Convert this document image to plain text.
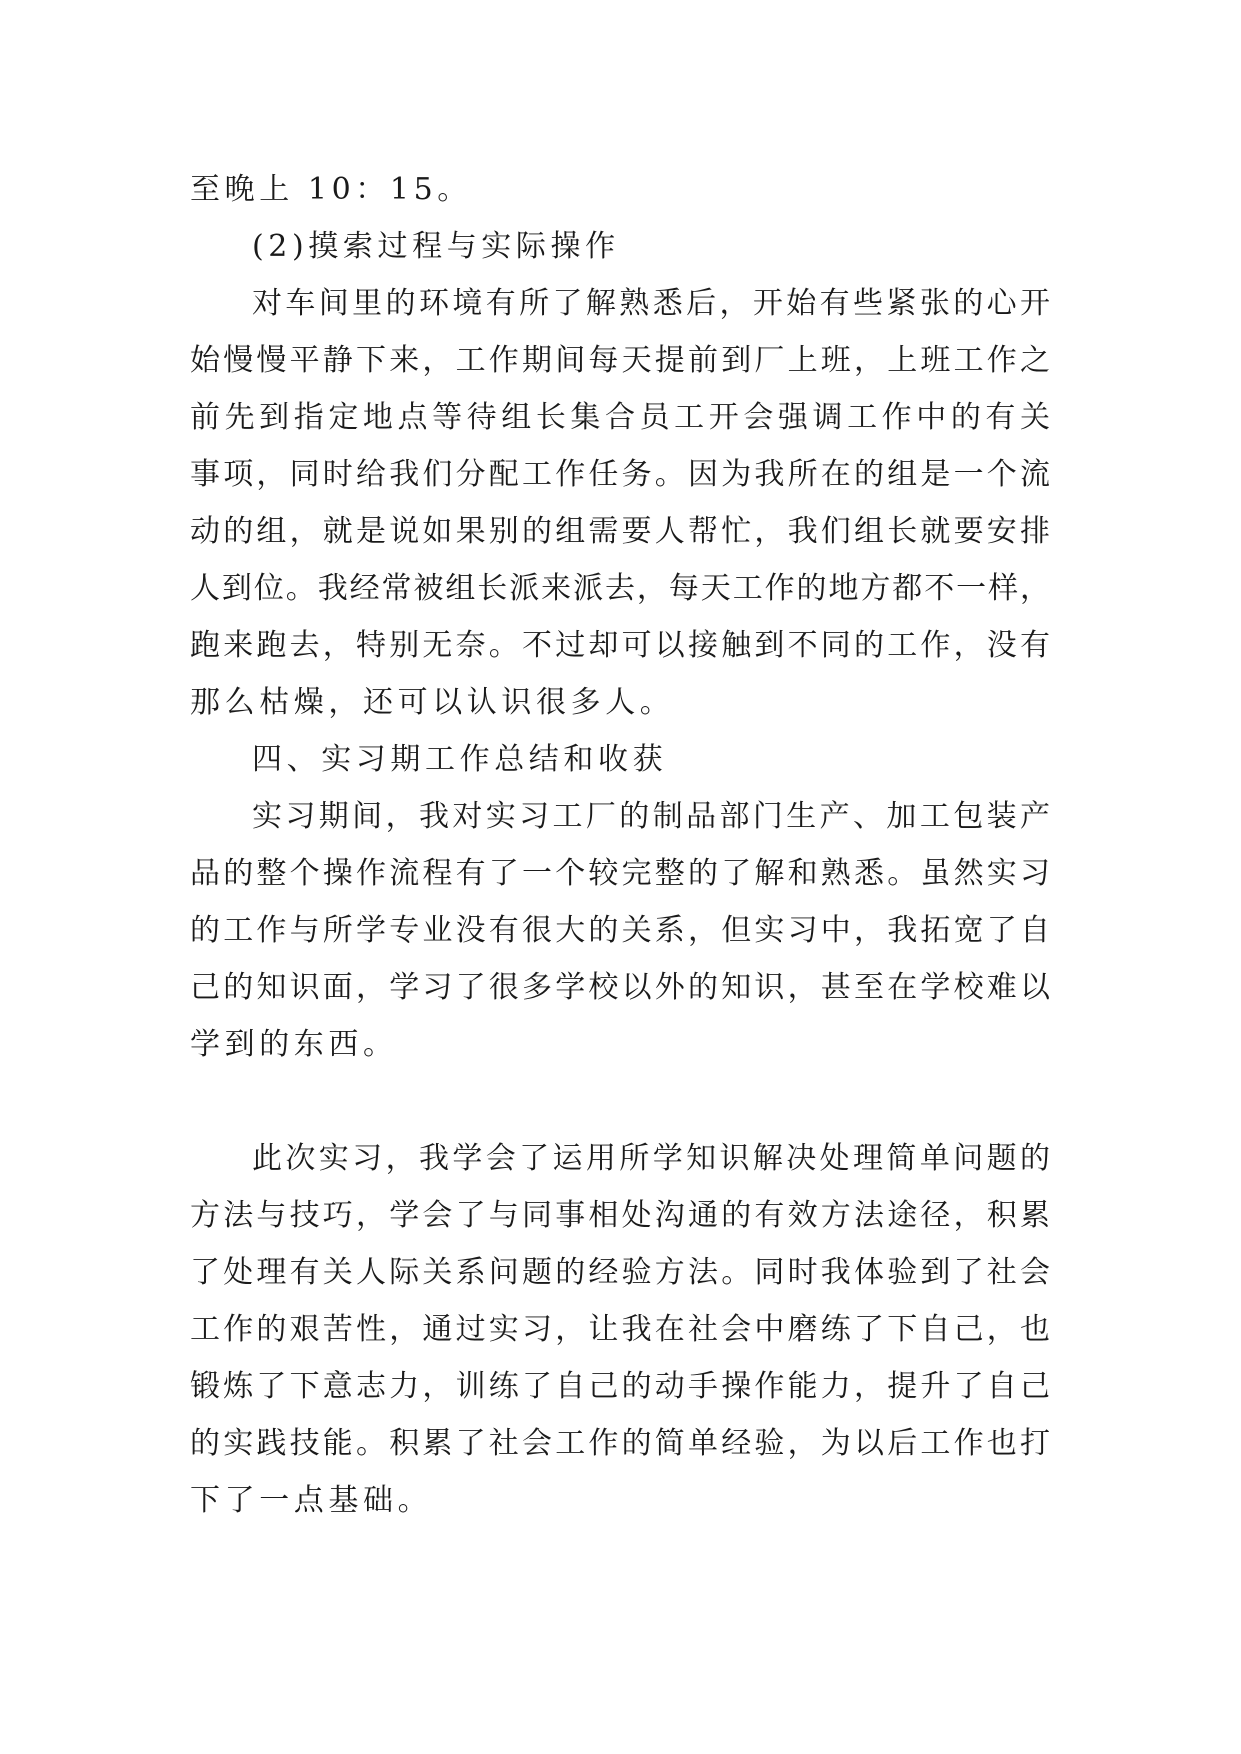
至晚上 10：15。
(2)摸索过程与实际操作
对车间里的环境有所了解熟悉后，开始有些紧张的心开
始慢慢平静下来，工作期间每天提前到厂上班，上班工作之
前先到指定地点等待组长集合员工开会强调工作中的有关
事项，同时给我们分配工作任务。因为我所在的组是一个流
动的组，就是说如果别的组需要人帮忙，我们组长就要安排
人到位。我经常被组长派来派去，每天工作的地方都不一样，
跑来跑去，特别无奈。不过却可以接触到不同的工作，没有
那么枯燥，还可以认识很多人。
四、实习期工作总结和收获
实习期间，我对实习工厂的制品部门生产、加工包装产
品的整个操作流程有了一个较完整的了解和熟悉。虽然实习
的工作与所学专业没有很大的关系，但实习中，我拓宽了自
己的知识面，学习了很多学校以外的知识，甚至在学校难以
学到的东西。
此次实习，我学会了运用所学知识解决处理简单问题的
方法与技巧，学会了与同事相处沟通的有效方法途径，积累
了处理有关人际关系问题的经验方法。同时我体验到了社会
工作的艰苦性，通过实习，让我在社会中磨练了下自己，也
锻炼了下意志力，训练了自己的动手操作能力，提升了自己
的实践技能。积累了社会工作的简单经验，为以后工作也打
下了一点基础。
